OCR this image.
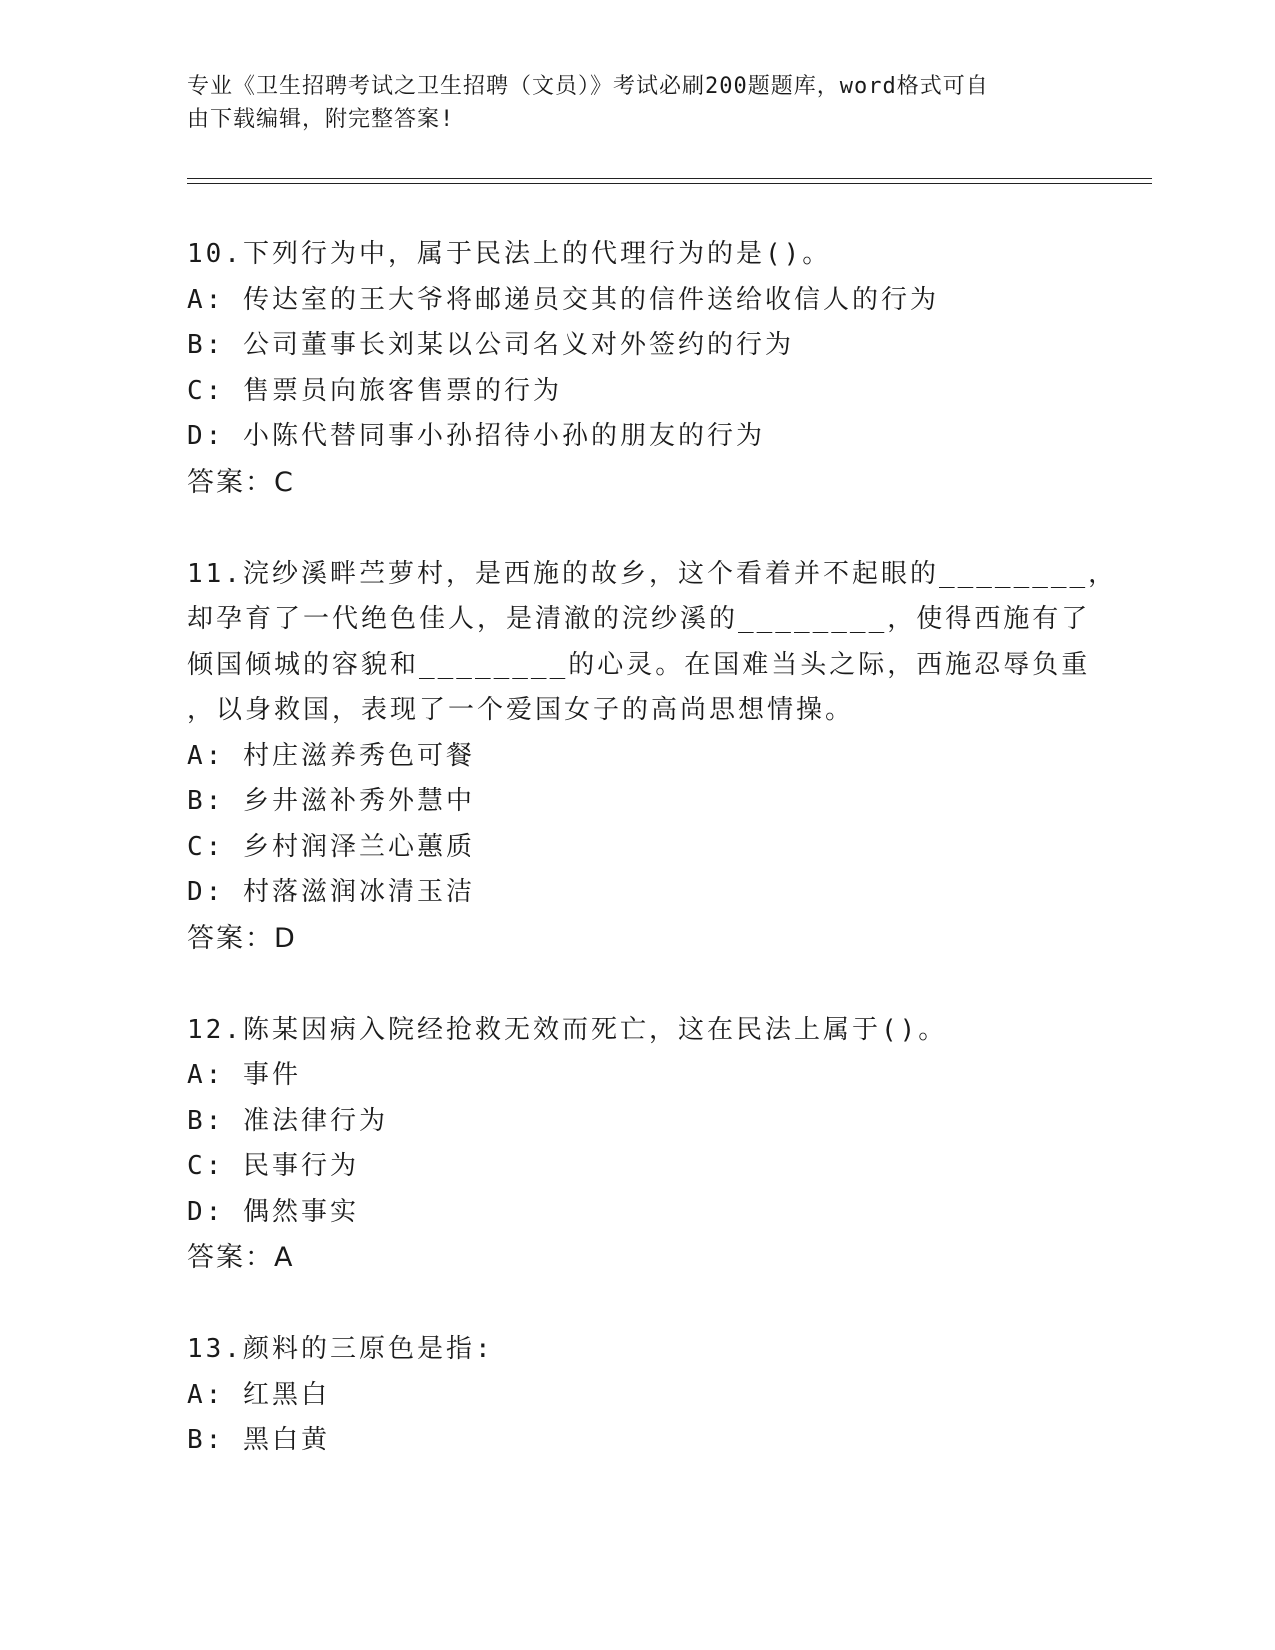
专业《卫生招聘考试之卫生招聘（文员）》考试必刷200题题库，word格式可自
由下载编辑，附完整答案!
10.下列行为中，属于民法上的代理行为的是()。
A: 传达室的王大爷将邮递员交其的信件送给收信人的行为
B: 公司董事长刘某以公司名义对外签约的行为
C: 售票员向旅客售票的行为
D: 小陈代替同事小孙招待小孙的朋友的行为
答案：C
11.浣纱溪畔苎萝村，是西施的故乡，这个看着并不起眼的________，
却孕育了一代绝色佳人，是清澈的浣纱溪的________，使得西施有了
倾国倾城的容貌和________的心灵。在国难当头之际，西施忍辱负重
，以身救国，表现了一个爱国女子的高尚思想情操。
A: 村庄滋养秀色可餐
B: 乡井滋补秀外慧中
C: 乡村润泽兰心蕙质
D: 村落滋润冰清玉洁
答案：D
12.陈某因病入院经抢救无效而死亡，这在民法上属于()。
A: 事件
B: 准法律行为
C: 民事行为
D: 偶然事实
答案：A
13.颜料的三原色是指:
A: 红黑白
B: 黑白黄
